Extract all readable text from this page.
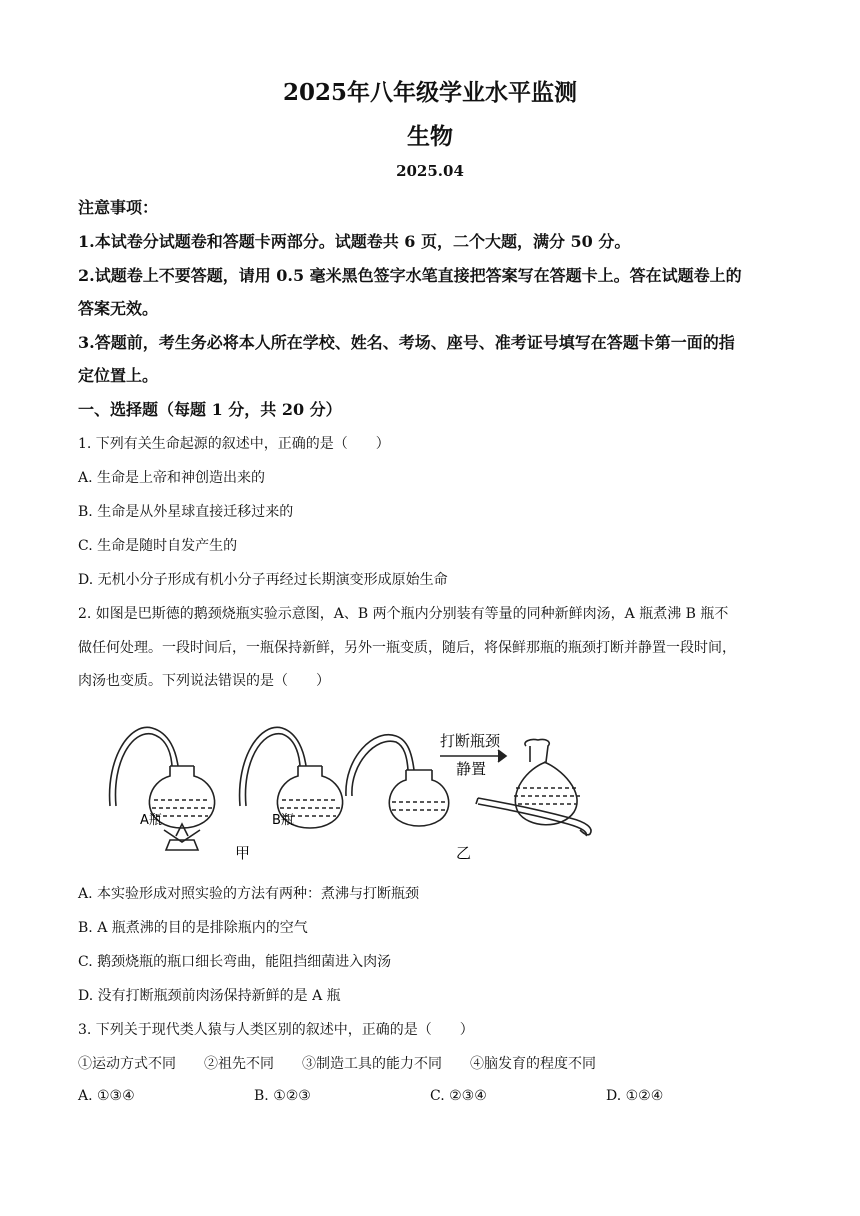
2025年八年级学业水平监测
生物
2025.04
注意事项：
1.本试卷分试题卷和答题卡两部分。试题卷共 6 页，二个大题，满分 50 分。
2.试题卷上不要答题，请用 0.5 毫米黑色签字水笔直接把答案写在答题卡上。答在试题卷上的
答案无效。
3.答题前，考生务必将本人所在学校、姓名、考场、座号、准考证号填写在答题卡第一面的指
定位置上。
一、选择题（每题 1 分，共 20 分）
1. 下列有关生命起源的叙述中，正确的是（　　）
A. 生命是上帝和神创造出来的
B. 生命是从外星球直接迁移过来的
C. 生命是随时自发产生的
D. 无机小分子形成有机小分子再经过长期演变形成原始生命
2. 如图是巴斯德的鹅颈烧瓶实验示意图，A、B 两个瓶内分别装有等量的同种新鲜肉汤，A 瓶煮沸 B 瓶不
做任何处理。一段时间后，一瓶保持新鲜，另外一瓶变质，随后，将保鲜那瓶的瓶颈打断并静置一段时间，
肉汤也变质。下列说法错误的是（　　）
A瓶	B瓶
甲	乙
打断瓶颈
静置
A. 本实验形成对照实验的方法有两种：煮沸与打断瓶颈
B. A 瓶煮沸的目的是排除瓶内的空气
C. 鹅颈烧瓶的瓶口细长弯曲，能阻挡细菌进入肉汤
D. 没有打断瓶颈前肉汤保持新鲜的是 A 瓶
3. 下列关于现代类人猿与人类区别的叙述中，正确的是（　　）
①运动方式不同　　②祖先不同　　③制造工具的能力不同　　④脑发育的程度不同
A. ①③④	B. ①②③	C. ②③④	D. ①②④
